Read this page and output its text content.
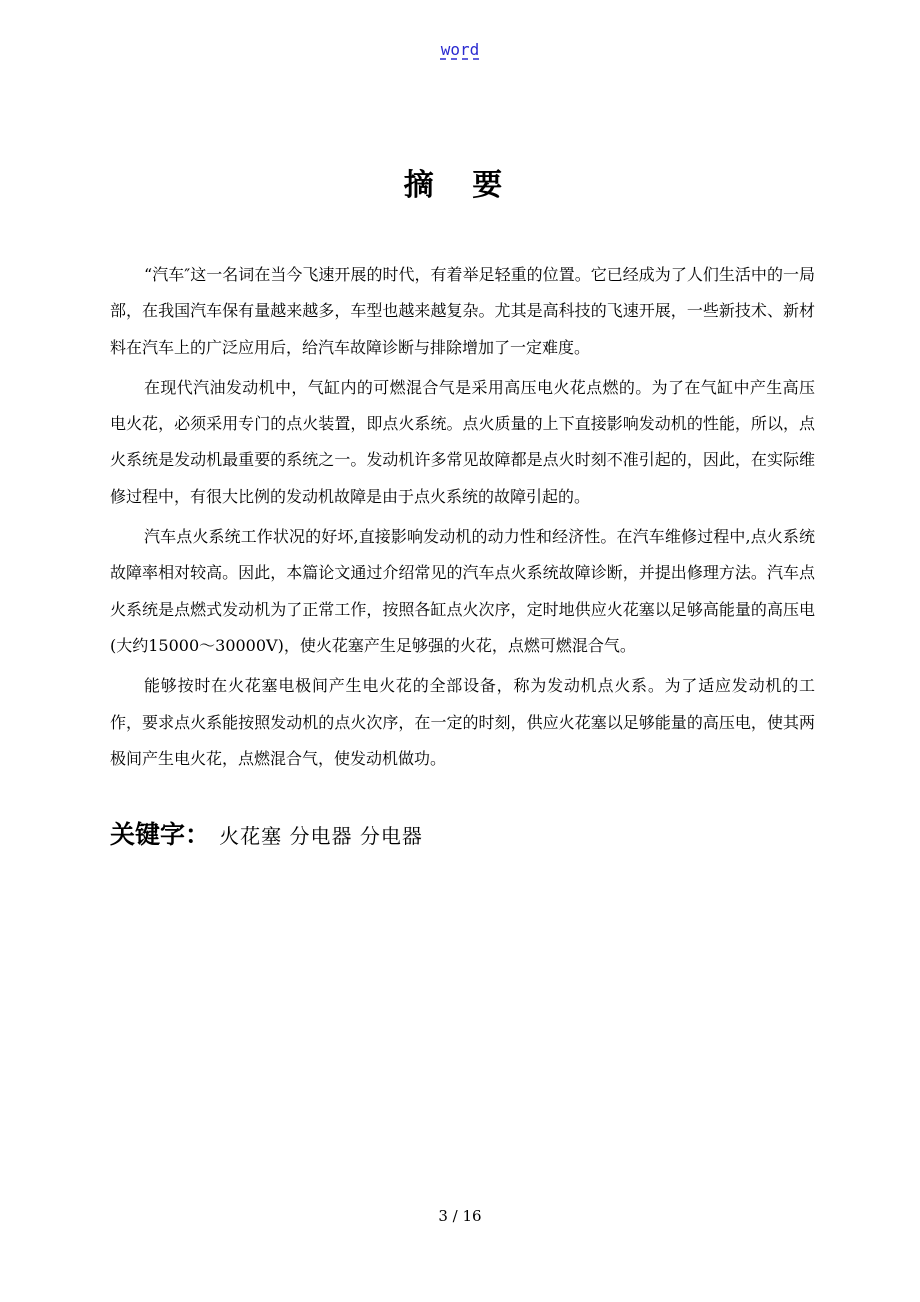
word
摘 要

“汽车″这一名词在当今飞速开展的时代，有着举足轻重的位置。它已经成为了人们生活中的一局部，在我国汽车保有量越来越多，车型也越来越复杂。尤其是高科技的飞速开展，一些新技术、新材料在汽车上的广泛应用后，给汽车故障诊断与排除增加了一定难度。

在现代汽油发动机中，气缸内的可燃混合气是采用高压电火花点燃的。为了在气缸中产生高压电火花，必须采用专门的点火装置，即点火系统。点火质量的上下直接影响发动机的性能，所以，点火系统是发动机最重要的系统之一。发动机许多常见故障都是点火时刻不准引起的，因此，在实际维修过程中，有很大比例的发动机故障是由于点火系统的故障引起的。

汽车点火系统工作状况的好坏,直接影响发动机的动力性和经济性。在汽车维修过程中,点火系统故障率相对较高。因此，本篇论文通过介绍常见的汽车点火系统故障诊断，并提出修理方法。汽车点火系统是点燃式发动机为了正常工作，按照各缸点火次序，定时地供应火花塞以足够高能量的高压电(大约15000～30000V)，使火花塞产生足够强的火花，点燃可燃混合气。

能够按时在火花塞电极间产生电火花的全部设备，称为发动机点火系。为了适应发动机的工作，要求点火系能按照发动机的点火次序，在一定的时刻，供应火花塞以足够能量的高压电，使其两极间产生电火花，点燃混合气，使发动机做功。

关键字： 火花塞 分电器 分电器
3 / 16
